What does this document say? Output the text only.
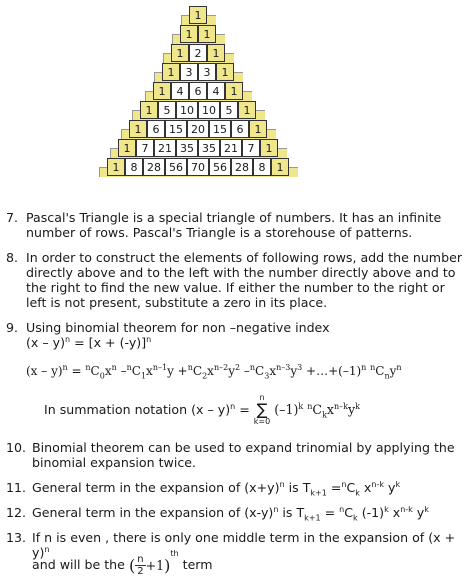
1
1	1
1	2	1
1	3	3	1
1	4	6	4	1
1	5 10 10 5	1
1	6 15 20 15 6	1
1	7 21 35 35 21 7	1
1	8 28 56 70 56 28 8	1
7. Pascal's Triangle is a special triangle of numbers. It has an infinite number of rows. Pascal's Triangle is a storehouse of patterns.
8. In order to construct the elements of following rows, add the number directly above and to the left with the number directly above and to the right to find the new value. If either the number to the right or left is not present, substitute a zero in its place.
9. Using binomial theorem for non –negative index
$(x - y)^n = [x + (-y)]^n$
$(x - y)^n = ^nC_0x^n$ $-^nC_1x^{n-1}y +^nC_2x^{n-2}y^2$ $-^nC_3x^{n-3}y^3$ $+\dots+(-1)^n$ $^nC_ny^n$
In summation notation (x – y)$^n$ = n
∑
k=0 $(-1)^k$ $^nC_kx^{n-k}y^k$
10. Binomial theorem can be used to expand trinomial by applying the binomial expansion twice.
11. General term in the expansion of $(x+y)^n$ is $T_{k+1} =^nC_k$ $x^{n-k}$ $y^k$
12. General term in the expansion of $(x-y)^n$ is $T_{k+1} = ^nC_k$ $(-1)^k$ $x^{n-k}$ $y^k$
13. If n is even , there is only one middle term in the expansion of $(x + y)^n$
and will be the ( $\frac{n}{2} +1)^{th}$ term
